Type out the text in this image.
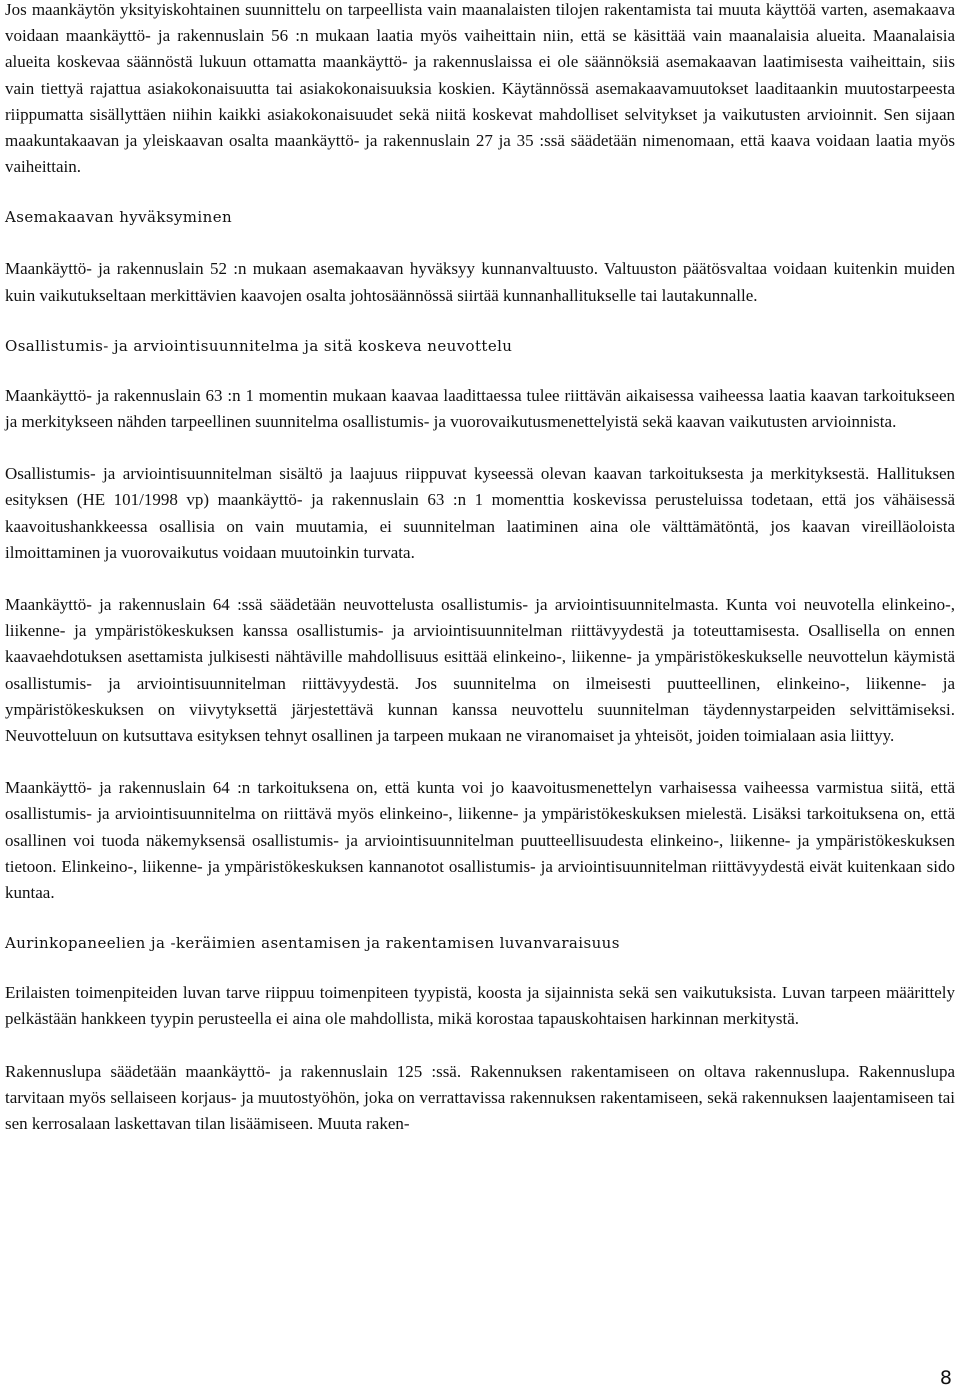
Jos maankäytön yksityiskohtainen suunnittelu on tarpeellista vain maanalaisten tilojen rakentamista tai muuta käyttöä varten, asemakaava voidaan maankäyttö- ja rakennuslain 56 :n mukaan laatia myös vaiheittain niin, että se käsittää vain maanalaisia alueita. Maanalaisia alueita koskevaa säännöstä lukuun ottamatta maankäyttö- ja rakennuslaissa ei ole säännöksiä asemakaavan laatimisesta vaiheittain, siis vain tiettyä rajattua asiakokonaisuutta tai asiakokonaisuuksia koskien. Käytännössä asemakaavamuutokset laaditaankin muutostarpeesta riippumatta sisällyttäen niihin kaikki asiakokonaisuudet sekä niitä koskevat mahdolliset selvitykset ja vaikutusten arvioinnit. Sen sijaan maakuntakaavan ja yleiskaavan osalta maankäyttö- ja rakennuslain 27 ja 35 :ssä säädetään nimenomaan, että kaava voidaan laatia myös vaiheittain.

Asemakaavan hyväksyminen

Maankäyttö- ja rakennuslain 52 :n mukaan asemakaavan hyväksyy kunnanvaltuusto. Valtuuston päätösvaltaa voidaan kuitenkin muiden kuin vaikutukseltaan merkittävien kaavojen osalta johtosäännössä siirtää kunnanhallitukselle tai lautakunnalle.

Osallistumis- ja arviointisuunnitelma ja sitä koskeva neuvottelu

Maankäyttö- ja rakennuslain 63 :n 1 momentin mukaan kaavaa laadittaessa tulee riittävän aikaisessa vaiheessa laatia kaavan tarkoitukseen ja merkitykseen nähden tarpeellinen suunnitelma osallistumis- ja vuorovaikutusmenettelyistä sekä kaavan vaikutusten arvioinnista.

Osallistumis- ja arviointisuunnitelman sisältö ja laajuus riippuvat kyseessä olevan kaavan tarkoituksesta ja merkityksestä. Hallituksen esityksen (HE 101/1998 vp) maankäyttö- ja rakennuslain 63 :n 1 momenttia koskevissa perusteluissa todetaan, että jos vähäisessä kaavoitushankkeessa osallisia on vain muutamia, ei suunnitelman laatiminen aina ole välttämätöntä, jos kaavan vireilläoloista ilmoittaminen ja vuorovaikutus voidaan muutoinkin turvata.

Maankäyttö- ja rakennuslain 64 :ssä säädetään neuvottelusta osallistumis- ja arviointisuunnitelmasta. Kunta voi neuvotella elinkeino-, liikenne- ja ympäristökeskuksen kanssa osallistumis- ja arviointisuunnitelman riittävyydestä ja toteuttamisesta. Osallisella on ennen kaavaehdotuksen asettamista julkisesti nähtäville mahdollisuus esittää elinkeino-, liikenne- ja ympäristökeskukselle neuvottelun käymistä osallistumis- ja arviointisuunnitelman riittävyydestä. Jos suunnitelma on ilmeisesti puutteellinen, elinkeino-, liikenne- ja ympäristökeskuksen on viivytyksettä järjestettävä kunnan kanssa neuvottelu suunnitelman täydennystarpeiden selvittämiseksi. Neuvotteluun on kutsuttava esityksen tehnyt osallinen ja tarpeen mukaan ne viranomaiset ja yhteisöt, joiden toimialaan asia liittyy.

Maankäyttö- ja rakennuslain 64 :n tarkoituksena on, että kunta voi jo kaavoitusmenettelyn varhaisessa vaiheessa varmistua siitä, että osallistumis- ja arviointisuunnitelma on riittävä myös elinkeino-, liikenne- ja ympäristökeskuksen mielestä. Lisäksi tarkoituksena on, että osallinen voi tuoda näkemyksensä osallistumis- ja arviointisuunnitelman puutteellisuudesta elinkeino-, liikenne- ja ympäristökeskuksen tietoon. Elinkeino-, liikenne- ja ympäristökeskuksen kannanotot osallistumis- ja arviointisuunnitelman riittävyydestä eivät kuitenkaan sido kuntaa.

Aurinkopaneelien ja -keräimien asentamisen ja rakentamisen luvanvaraisuus

Erilaisten toimenpiteiden luvan tarve riippuu toimenpiteen tyypistä, koosta ja sijainnista sekä sen vaikutuksista. Luvan tarpeen määrittely pelkästään hankkeen tyypin perusteella ei aina ole mahdollista, mikä korostaa tapauskohtaisen harkinnan merkitystä.

Rakennuslupa säädetään maankäyttö- ja rakennuslain 125 :ssä. Rakennuksen rakentamiseen on oltava rakennuslupa. Rakennuslupa tarvitaan myös sellaiseen korjaus- ja muutostyöhön, joka on verrattavissa rakennuksen rakentamiseen, sekä rakennuksen laajentamiseen tai sen kerrosalaan laskettavan tilan lisäämiseen. Muuta raken-

8
